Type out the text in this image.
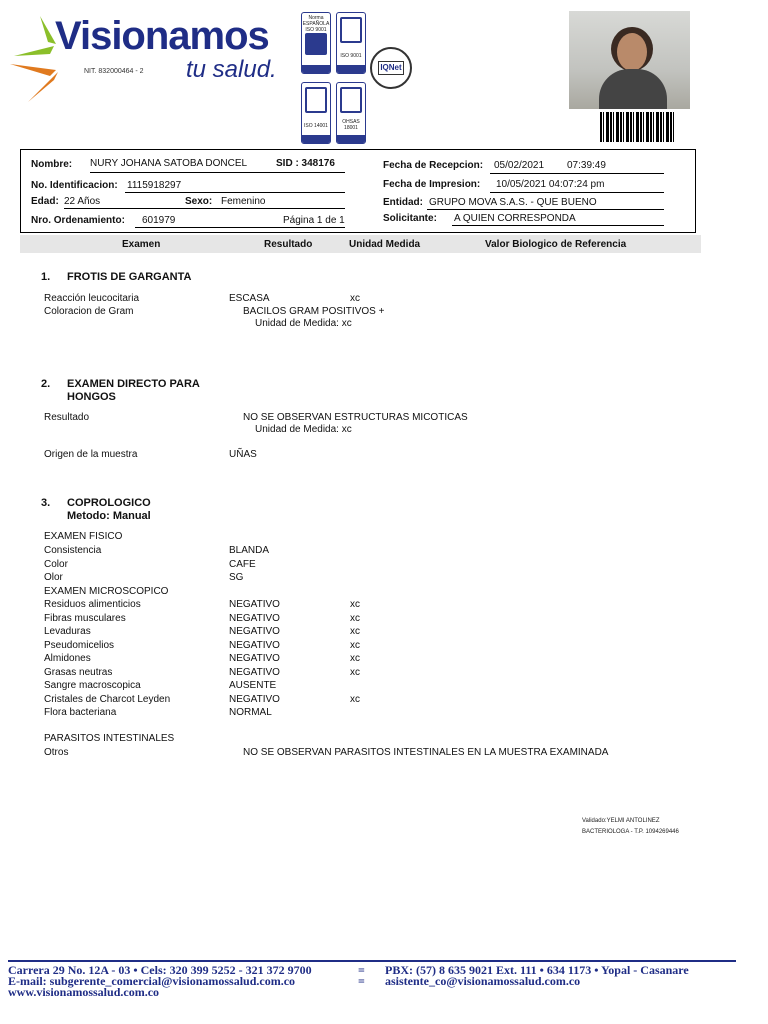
Visionamos
tu salud.
NIT. 832000464 - 2
Norma
ESPAÑOLA
ISO 9001
ISO 9001
ISO 14001
OHSAS
18001
IQNet
Nombre: NURY JOHANA SATOBA DONCEL	SID : 348176
No. Identificacion: 1115918297
Edad: 22 Años	Sexo: Femenino
Nro. Ordenamiento: 601979	Página 1 de 1
Fecha de Recepcion: 05/02/2021 07:39:49
Fecha de Impresion: 10/05/2021 04:07:24 pm
Entidad: GRUPO MOVA S.A.S. - QUE BUENO
Solicitante: A QUIEN CORRESPONDA
Examen	Resultado	Unidad Medida	Valor Biologico de Referencia
1. FROTIS DE GARGANTA
Reacción leucocitaria	ESCASA	xc
Coloracion de Gram	BACILOS GRAM POSITIVOS +
Unidad de Medida: xc
2. EXAMEN DIRECTO PARA
HONGOS
Resultado	NO SE OBSERVAN ESTRUCTURAS MICOTICAS
Unidad de Medida: xc
Origen de la muestra	UÑAS
3. COPROLOGICO
Metodo: Manual
EXAMEN FISICO
Consistencia	BLANDA
Color	CAFE
Olor	SG
EXAMEN MICROSCOPICO
Residuos alimenticios	NEGATIVO	xc
Fibras musculares	NEGATIVO	xc
Levaduras	NEGATIVO	xc
Pseudomicelios	NEGATIVO	xc
Almidones	NEGATIVO	xc
Grasas neutras	NEGATIVO	xc
Sangre macroscopica	AUSENTE
Cristales de Charcot Leyden	NEGATIVO	xc
Flora bacteriana	NORMAL
PARASITOS INTESTINALES
Otros	NO SE OBSERVAN PARASITOS INTESTINALES EN LA MUESTRA EXAMINADA
Validado:YELMI ANTOLINEZ
BACTERIOLOGA - T.P. 1094269446
Carrera 29 No. 12A - 03 • Cels: 320 399 5252 - 321 372 9700	= PBX: (57) 8 635 9021 Ext. 111 • 634 1173 • Yopal - Casanare
E-mail: subgerente_comercial@visionamossalud.com.co	= asistente_co@visionamossalud.com.co
www.visionamossalud.com.co
